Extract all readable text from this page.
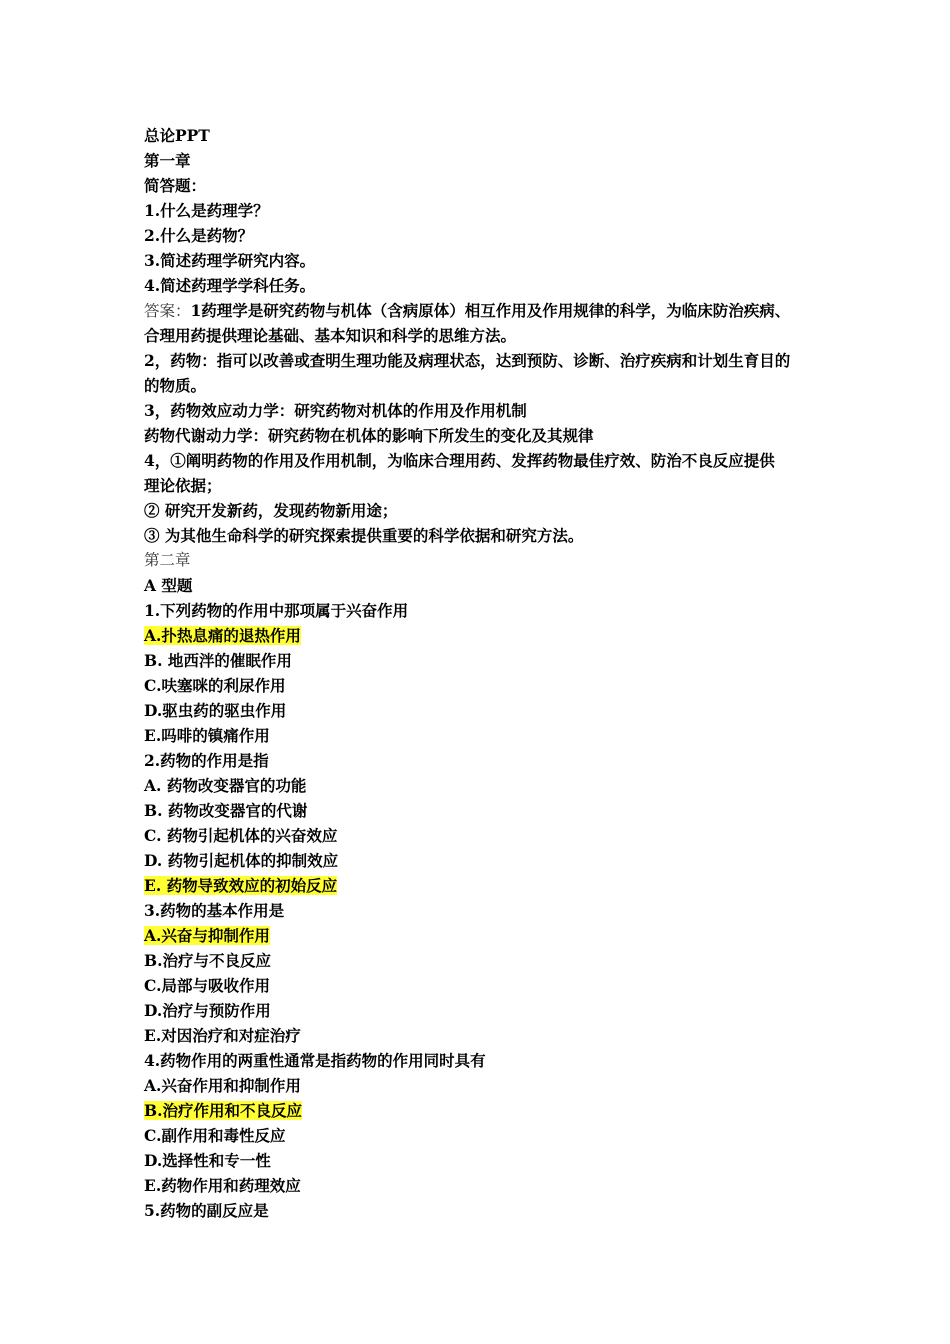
总论PPT
第一章
简答题：
1.什么是药理学？
2.什么是药物？
3.简述药理学研究内容。
4.简述药理学学科任务。
答案：1药理学是研究药物与机体（含病原体）相互作用及作用规律的科学，为临床防治疾病、
合理用药提供理论基础、基本知识和科学的思维方法。
2，药物：指可以改善或查明生理功能及病理状态，达到预防、诊断、治疗疾病和计划生育目的
的物质。
3，药物效应动力学：研究药物对机体的作用及作用机制
药物代谢动力学：研究药物在机体的影响下所发生的变化及其规律
4，①阐明药物的作用及作用机制，为临床合理用药、发挥药物最佳疗效、防治不良反应提供
理论依据；
② 研究开发新药，发现药物新用途；
③ 为其他生命科学的研究探索提供重要的科学依据和研究方法。
第二章
A 型题
1.下列药物的作用中那项属于兴奋作用
A.扑热息痛的退热作用
B. 地西泮的催眠作用
C.呋塞咪的利尿作用
D.驱虫药的驱虫作用
E.吗啡的镇痛作用
2.药物的作用是指
A. 药物改变器官的功能
B. 药物改变器官的代谢
C. 药物引起机体的兴奋效应
D. 药物引起机体的抑制效应
E. 药物导致效应的初始反应
3.药物的基本作用是
A.兴奋与抑制作用
B.治疗与不良反应
C.局部与吸收作用
D.治疗与预防作用
E.对因治疗和对症治疗
4.药物作用的两重性通常是指药物的作用同时具有
A.兴奋作用和抑制作用
B.治疗作用和不良反应
C.副作用和毒性反应
D.选择性和专一性
E.药物作用和药理效应
5.药物的副反应是
